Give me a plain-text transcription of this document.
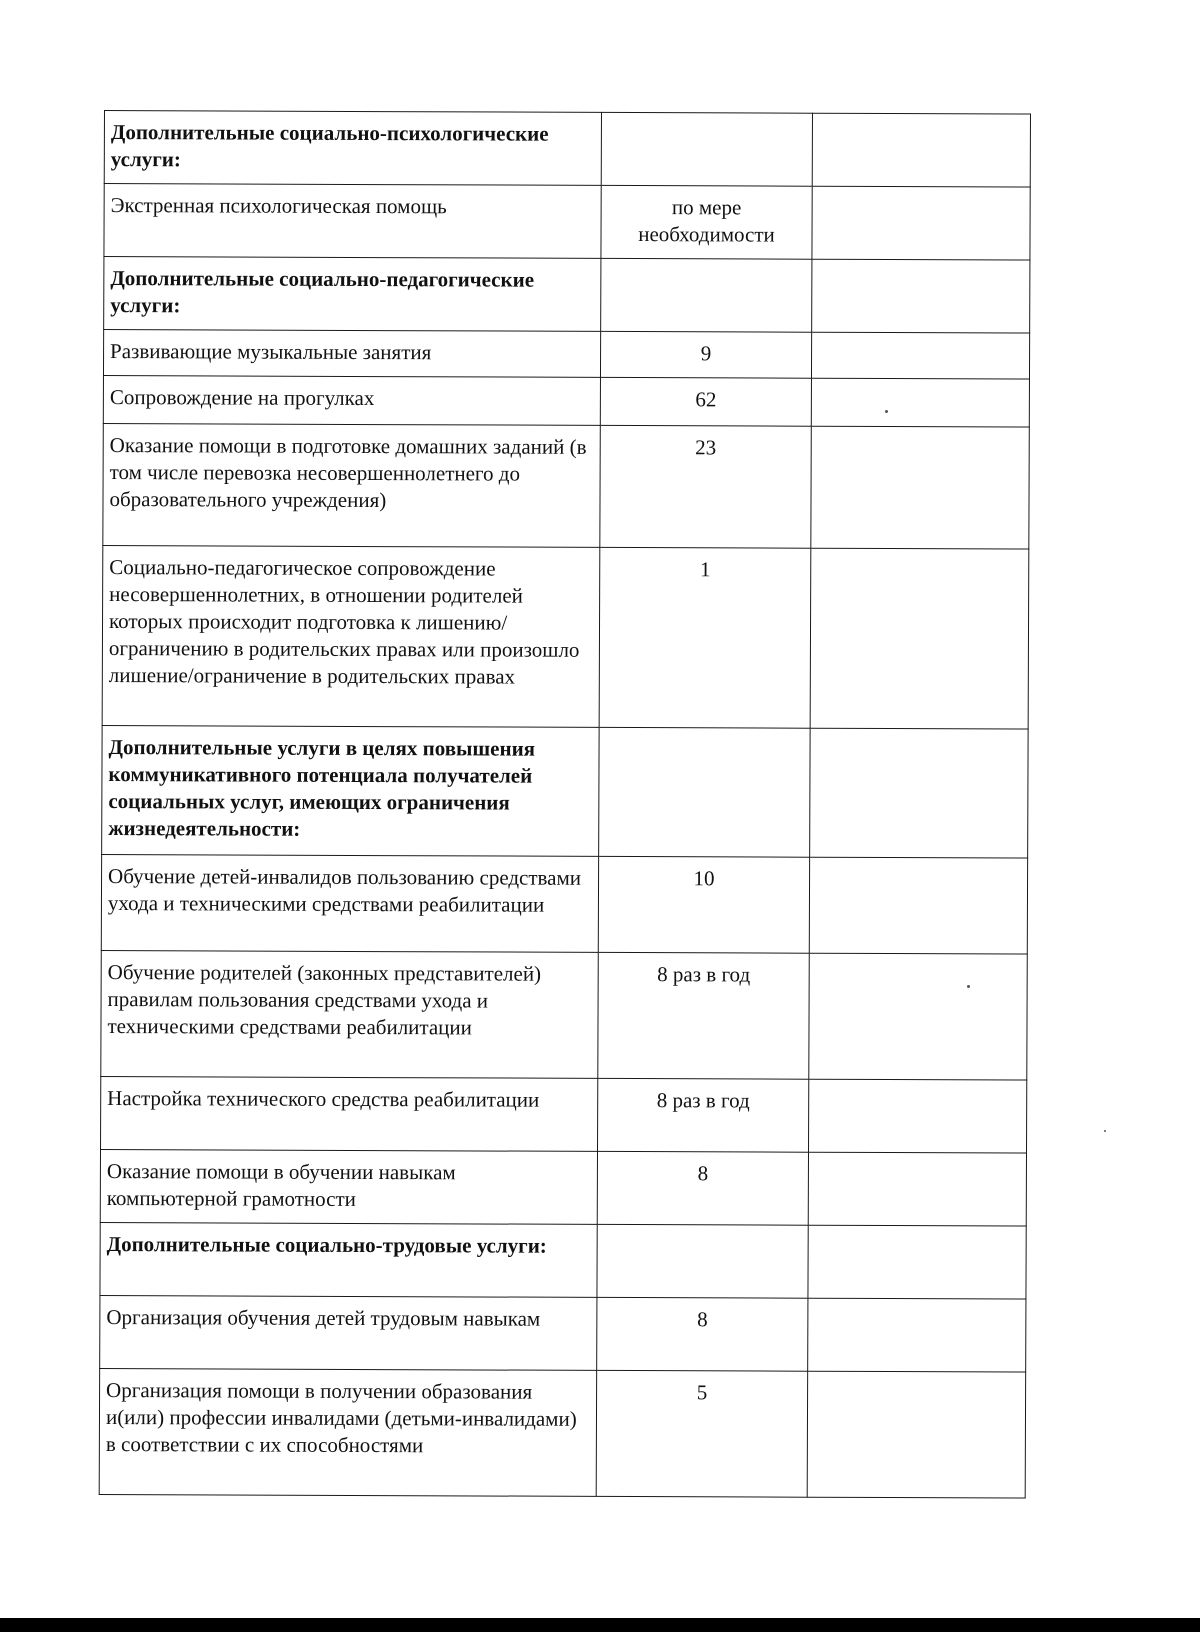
Дополнительные социально-психологические услуги:		
Экстренная психологическая помощь	по мере необходимости	
Дополнительные социально-педагогические услуги:		
Развивающие музыкальные занятия	9	
Сопровождение на прогулках	62	
Оказание помощи в подготовке домашних заданий (в том числе перевозка несовершеннолетнего до образовательного учреждения)	23	
Социально-педагогическое сопровождение несовершеннолетних, в отношении родителей которых происходит подготовка к лишению/ограничению в родительских правах или произошло лишение/ограничение в родительских правах	1	
Дополнительные услуги в целях повышения коммуникативного потенциала получателей социальных услуг, имеющих ограничения жизнедеятельности:		
Обучение детей-инвалидов пользованию средствами ухода и техническими средствами реабилитации	10	
Обучение родителей (законных представителей) правилам пользования средствами ухода и техническими средствами реабилитации	8 раз в год	
Настройка технического средства реабилитации	8 раз в год	
Оказание помощи в обучении навыкам компьютерной грамотности	8	
Дополнительные социально-трудовые услуги:		
Организация обучения детей трудовым навыкам	8	
Организация помощи в получении образования и(или) профессии инвалидами (детьми-инвалидами) в соответствии с их способностями	5	
